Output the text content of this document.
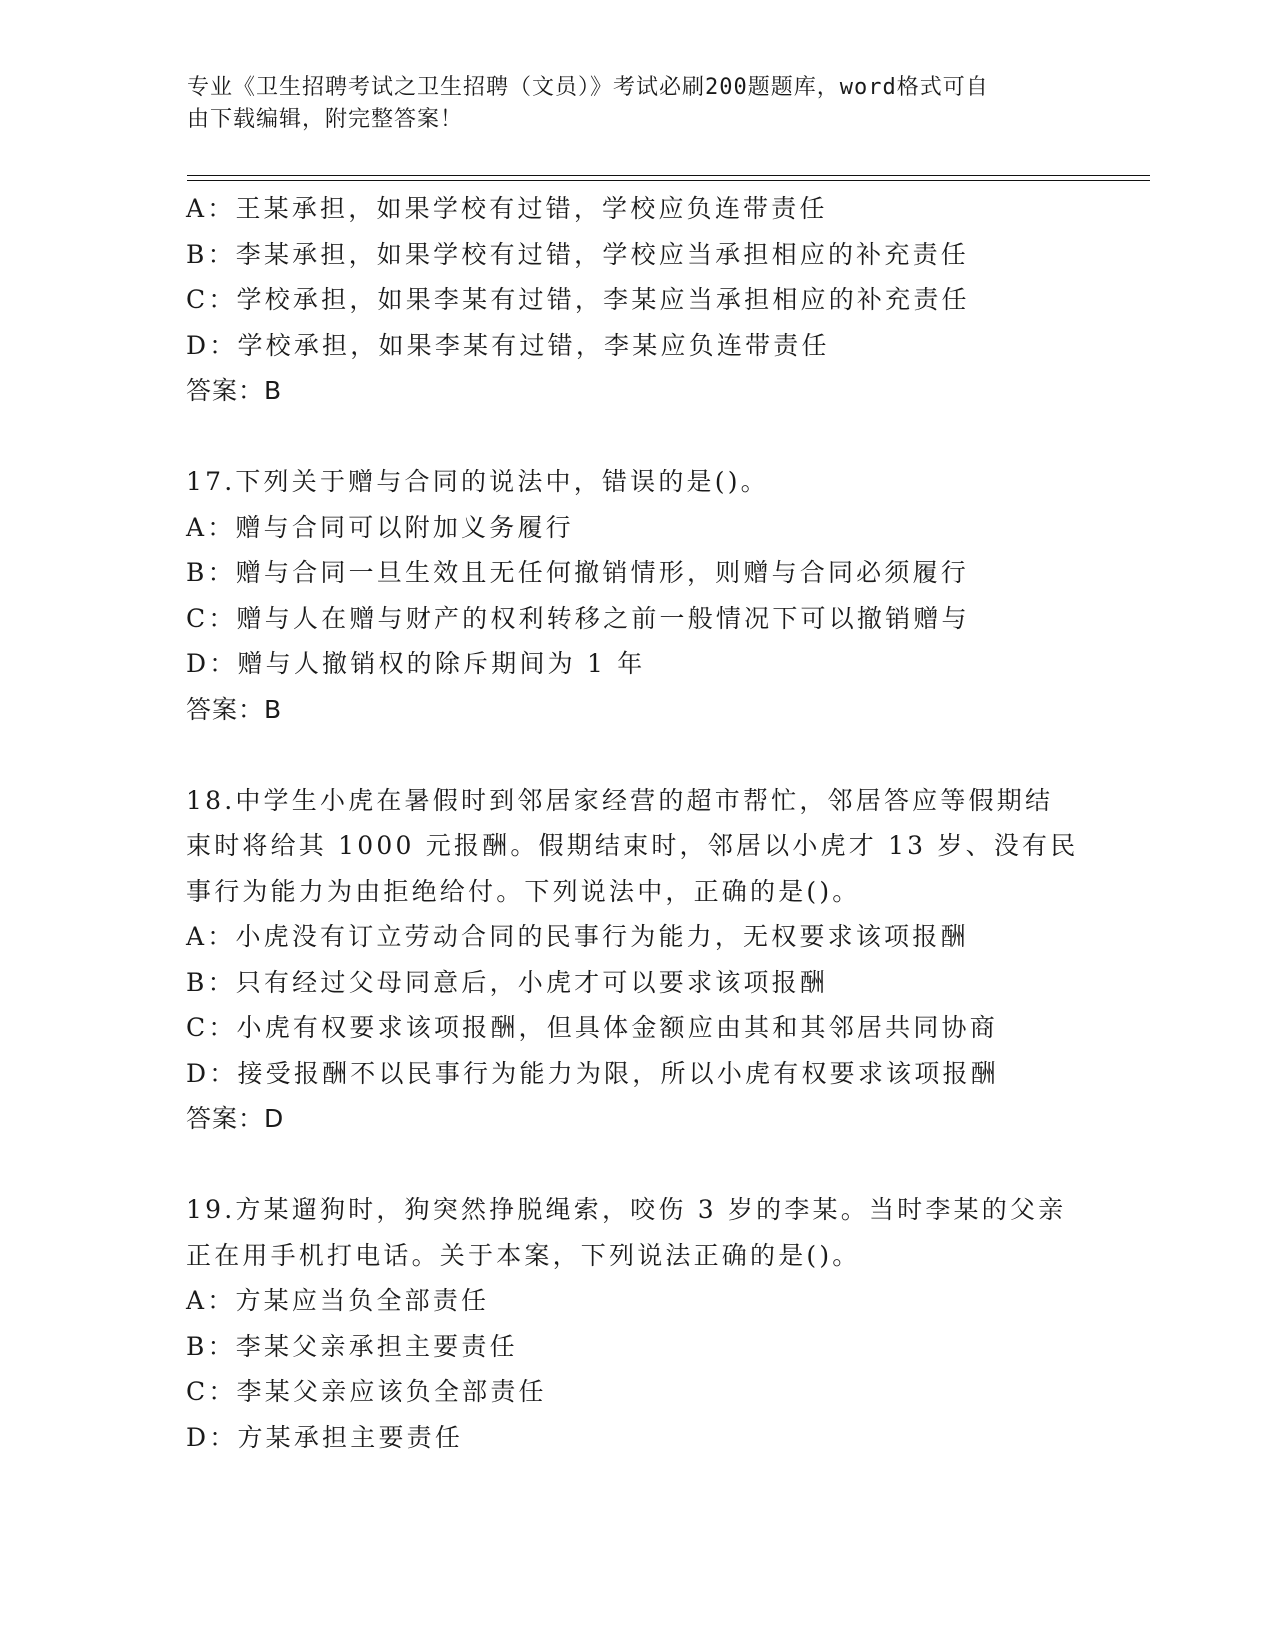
专业《卫生招聘考试之卫生招聘（文员）》考试必刷200题题库，word格式可自
由下载编辑，附完整答案！

A：王某承担，如果学校有过错，学校应负连带责任

B：李某承担，如果学校有过错，学校应当承担相应的补充责任

C：学校承担，如果李某有过错，李某应当承担相应的补充责任

D：学校承担，如果李某有过错，李某应负连带责任

答案：B

17.下列关于赠与合同的说法中，错误的是()。

A：赠与合同可以附加义务履行

B：赠与合同一旦生效且无任何撤销情形，则赠与合同必须履行

C：赠与人在赠与财产的权利转移之前一般情况下可以撤销赠与

D：赠与人撤销权的除斥期间为 1 年

答案：B

18.中学生小虎在暑假时到邻居家经营的超市帮忙，邻居答应等假期结

束时将给其 1000 元报酬。假期结束时，邻居以小虎才 13 岁、没有民

事行为能力为由拒绝给付。下列说法中，正确的是()。

A：小虎没有订立劳动合同的民事行为能力，无权要求该项报酬

B：只有经过父母同意后，小虎才可以要求该项报酬

C：小虎有权要求该项报酬，但具体金额应由其和其邻居共同协商

D：接受报酬不以民事行为能力为限，所以小虎有权要求该项报酬

答案：D

19.方某遛狗时，狗突然挣脱绳索，咬伤 3 岁的李某。当时李某的父亲

正在用手机打电话。关于本案，下列说法正确的是()。

A：方某应当负全部责任

B：李某父亲承担主要责任

C：李某父亲应该负全部责任

D：方某承担主要责任
